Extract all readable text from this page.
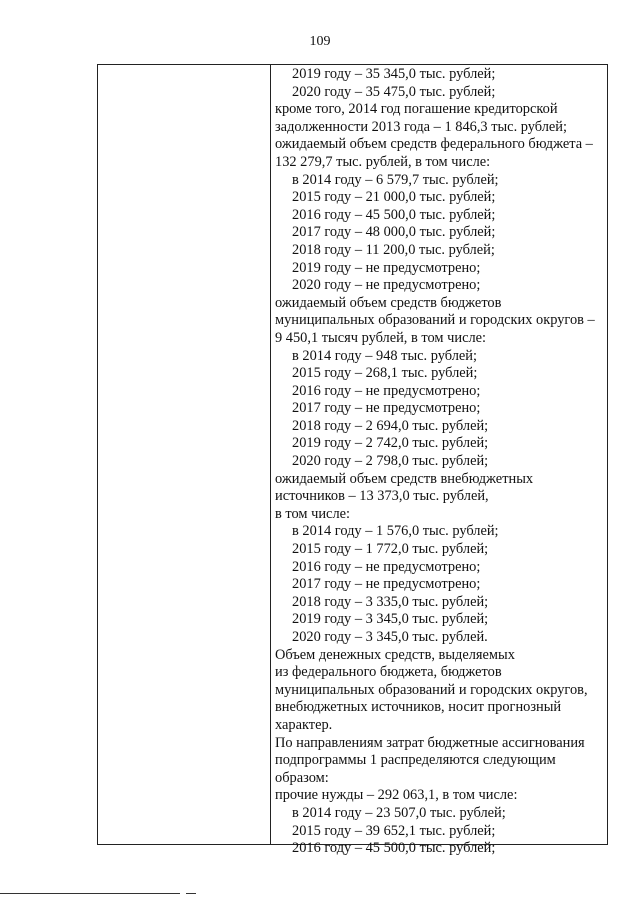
109
2019 году – 35 345,0 тыс. рублей;
2020 году – 35 475,0 тыс. рублей;
кроме того, 2014 год погашение кредиторской
задолженности 2013 года – 1 846,3 тыс. рублей;
ожидаемый объем средств федерального бюджета –
132 279,7 тыс. рублей, в том числе:
в 2014 году – 6 579,7 тыс. рублей;
2015 году – 21 000,0 тыс. рублей;
2016 году – 45 500,0 тыс. рублей;
2017 году – 48 000,0 тыс. рублей;
2018 году – 11 200,0 тыс. рублей;
2019 году – не предусмотрено;
2020 году – не предусмотрено;
ожидаемый объем средств бюджетов
муниципальных образований и городских округов –
9 450,1 тысяч рублей, в том числе:
в 2014 году – 948 тыс. рублей;
2015 году – 268,1 тыс. рублей;
2016 году – не предусмотрено;
2017 году – не предусмотрено;
2018 году – 2 694,0 тыс. рублей;
2019 году – 2 742,0 тыс. рублей;
2020 году – 2 798,0 тыс. рублей;
ожидаемый объем средств внебюджетных
источников – 13 373,0 тыс. рублей,
в том числе:
в 2014 году – 1 576,0 тыс. рублей;
2015 году – 1 772,0 тыс. рублей;
2016 году – не предусмотрено;
2017 году – не предусмотрено;
2018 году – 3 335,0 тыс. рублей;
2019 году – 3 345,0 тыс. рублей;
2020 году – 3 345,0 тыс. рублей.
Объем денежных средств, выделяемых
из федерального бюджета, бюджетов
муниципальных образований и городских округов,
внебюджетных источников, носит прогнозный
характер.
По направлениям затрат бюджетные ассигнования
подпрограммы 1 распределяются следующим
образом:
прочие нужды – 292 063,1, в том числе:
в 2014 году – 23 507,0 тыс. рублей;
2015 году – 39 652,1 тыс. рублей;
2016 году – 45 500,0 тыс. рублей;
